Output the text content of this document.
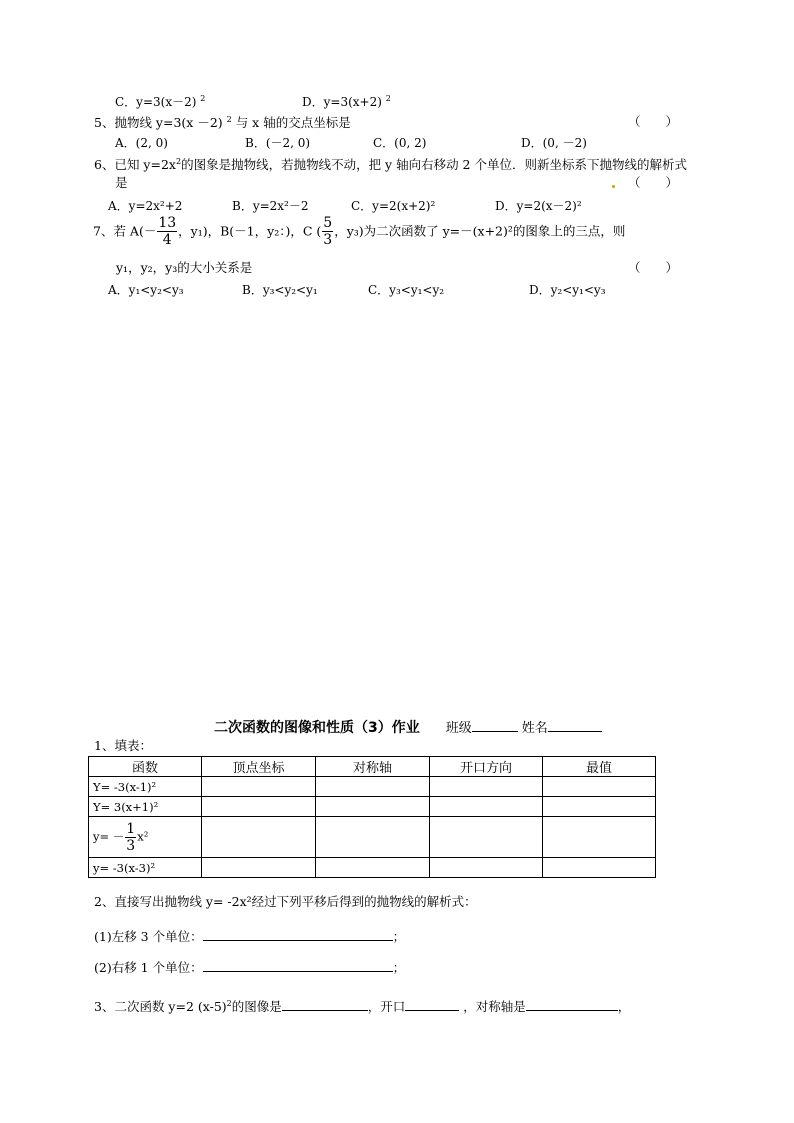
C．y=3(x－2) $^2$	D．y=3(x+2) $^2$
5、抛物线 y=3(x －2) $^2$ 与 x 轴的交点坐标是	（　　）
A．(2, 0)	B．(－2, 0)	C．(0, 2)	D．(0, －2)
6、已知 $y=2x^2$的图象是抛物线，若抛物线不动，把 y 轴向右移动 2 个单位．则新坐标系下抛物线的解析式
是	（　　）
A．y=2x²+2	B．y=2x²－2	C．y=2(x+2)²	D．y=2(x－2)²
7、若 $A(- \frac{13}{4}$ ，y₁)，B(－1，y₂：)，C ( $\frac{5}{3}$ ，y₃)为二次函数了 y=－(x+2)²的图象上的三点，则
y₁，y₂，y₃的大小关系是	（　　）
A．y₁<y₂<y₃	B．y₃<y₂<y₁	C．y₃<y₁<y₂	D．y₂<y₁<y₃
二次函数的图像和性质（3）作业 班级	姓名
1、填表：
函数	顶点坐标	对称轴	开口方向	最值
Y= -3(x-1)²				
Y= 3(x+1)²				
$y= - \frac{1}{3} x^2$				
y= -3(x-3)²				
2、直接写出抛物线 y= -2x²经过下列平移后得到的抛物线的解析式：
(1)左移 3 个单位：	；
(2)右移 1 个单位：	；
3、二次函数 y=2 $(x-5)^2$的图像是	，开口	，对称轴是	，
